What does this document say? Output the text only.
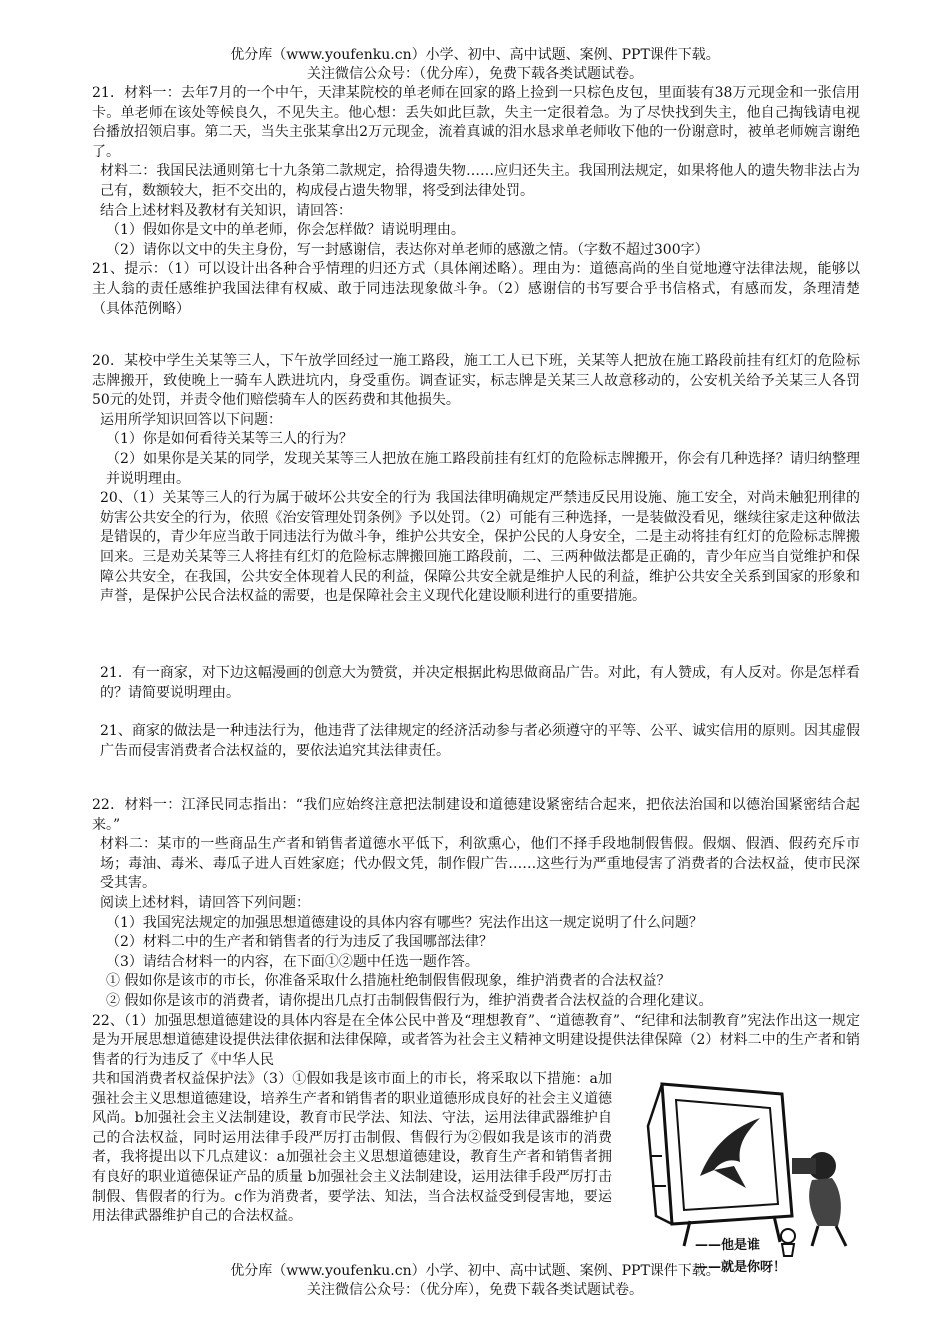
优分库（www.youfenku.cn）小学、初中、高中试题、案例、PPT课件下载。
关注微信公众号：（优分库），免费下载各类试题试卷。

21．材料一：去年7月的一个中午，天津某院校的单老师在回家的路上捡到一只棕色皮包，里面装有38万元现金和一张信用卡。单老师在该处等候良久，不见失主。他心想：丢失如此巨款，失主一定很着急。为了尽快找到失主，他自己掏钱请电视台播放招领启事。第二天，当失主张某拿出2万元现金，流着真诚的泪水恳求单老师收下他的一份谢意时，被单老师婉言谢绝了。

材料二：我国民法通则第七十九条第二款规定，拾得遗失物……应归还失主。我国刑法规定，如果将他人的遗失物非法占为己有，数额较大，拒不交出的，构成侵占遗失物罪，将受到法律处罚。

结合上述材料及教材有关知识，请回答：

（1）假如你是文中的单老师，你会怎样做？请说明理由。

（2）请你以文中的失主身份，写一封感谢信，表达你对单老师的感激之情。（字数不超过300字）

21、提示：（1）可以设计出各种合乎情理的归还方式（具体阐述略）。理由为：道德高尚的坐自觉地遵守法律法规，能够以主人翁的责任感维护我国法律有权威、敢于同违法现象做斗争。（2）感谢信的书写要合乎书信格式，有感而发，条理清楚（具体范例略）

20．某校中学生关某等三人，下午放学回经过一施工路段，施工工人已下班，关某等人把放在施工路段前挂有红灯的危险标志牌搬开，致使晚上一骑车人跌进坑内，身受重伤。调查证实，标志牌是关某三人故意移动的，公安机关给予关某三人各罚50元的处罚，并责令他们赔偿骑车人的医药费和其他损失。

运用所学知识回答以下问题：

（1）你是如何看待关某等三人的行为？

（2）如果你是关某的同学，发现关某等三人把放在施工路段前挂有红灯的危险标志牌搬开，你会有几种选择？请归纳整理并说明理由。

20、（1）关某等三人的行为属于破坏公共安全的行为 我国法律明确规定严禁违反民用设施、施工安全，对尚未触犯刑律的妨害公共安全的行为，依照《治安管理处罚条例》予以处罚。（2）可能有三种选择，一是装做没看见，继续往家走这种做法是错误的，青少年应当敢于同违法行为做斗争，维护公共安全，保护公民的人身安全，二是主动将挂有红灯的危险标志牌搬回来。三是劝关某等三人将挂有红灯的危险标志牌搬回施工路段前，二、三两种做法都是正确的，青少年应当自觉维护和保障公共安全，在我国，公共安全体现着人民的利益，保障公共安全就是维护人民的利益，维护公共安全关系到国家的形象和声誉，是保护公民合法权益的需要，也是保障社会主义现代化建设顺利进行的重要措施。

21．有一商家，对下边这幅漫画的创意大为赞赏，并决定根据此构思做商品广告。对此，有人赞成，有人反对。你是怎样看的？请简要说明理由。

21、商家的做法是一种违法行为，他违背了法律规定的经济活动参与者必须遵守的平等、公平、诚实信用的原则。因其虚假广告而侵害消费者合法权益的，要依法追究其法律责任。

22．材料一：江泽民同志指出：“我们应始终注意把法制建设和道德建设紧密结合起来，把依法治国和以德治国紧密结合起来。”

材料二：某市的一些商品生产者和销售者道德水平低下，利欲熏心，他们不择手段地制假售假。假烟、假酒、假药充斥市场；毒油、毒米、毒瓜子进人百姓家庭；代办假文凭，制作假广告……这些行为严重地侵害了消费者的合法权益，使市民深受其害。

阅读上述材料，请回答下列问题：

（1）我国宪法规定的加强思想道德建设的具体内容有哪些？宪法作出这一规定说明了什么问题？

（2）材料二中的生产者和销售者的行为违反了我国哪部法律？

（3）请结合材料一的内容，在下面①②题中任选一题作答。

① 假如你是该市的市长，你准备采取什么措施杜绝制假售假现象，维护消费者的合法权益？

② 假如你是该市的消费者，请你提出几点打击制假售假行为，维护消费者合法权益的合理化建议。

22、（1）加强思想道德建设的具体内容是在全体公民中普及“理想教育”、“道德教育”、“纪律和法制教育”宪法作出这一规定是为开展思想道德建设提供法律依据和法律保障，或者答为社会主义精神文明建设提供法律保障（2）材料二中的生产者和销售者的行为违反了《中华人民

共和国消费者权益保护法》（3）①假如我是该市面上的市长，将采取以下措施：a加强社会主义思想道德建设，培养生产者和销售者的职业道德形成良好的社会主义道德风尚。b加强社会主义法制建设，教育市民学法、知法、守法，运用法律武器维护自己的合法权益，同时运用法律手段严厉打击制假、售假行为②假如我是该市的消费者，我将提出以下几点建议：a加强社会主义思想道德建设，教育生产者和销售者拥有良好的职业道德保证产品的质量 b加强社会主义法制建设，运用法律手段严厉打击制假、售假者的行为。c作为消费者，要学法、知法，当合法权益受到侵害地，要运用法律武器维护自己的合法权益。

——他是谁
——就是你呀！
优分库（www.youfenku.cn）小学、初中、高中试题、案例、PPT课件下载。
关注微信公众号：（优分库），免费下载各类试题试卷。
